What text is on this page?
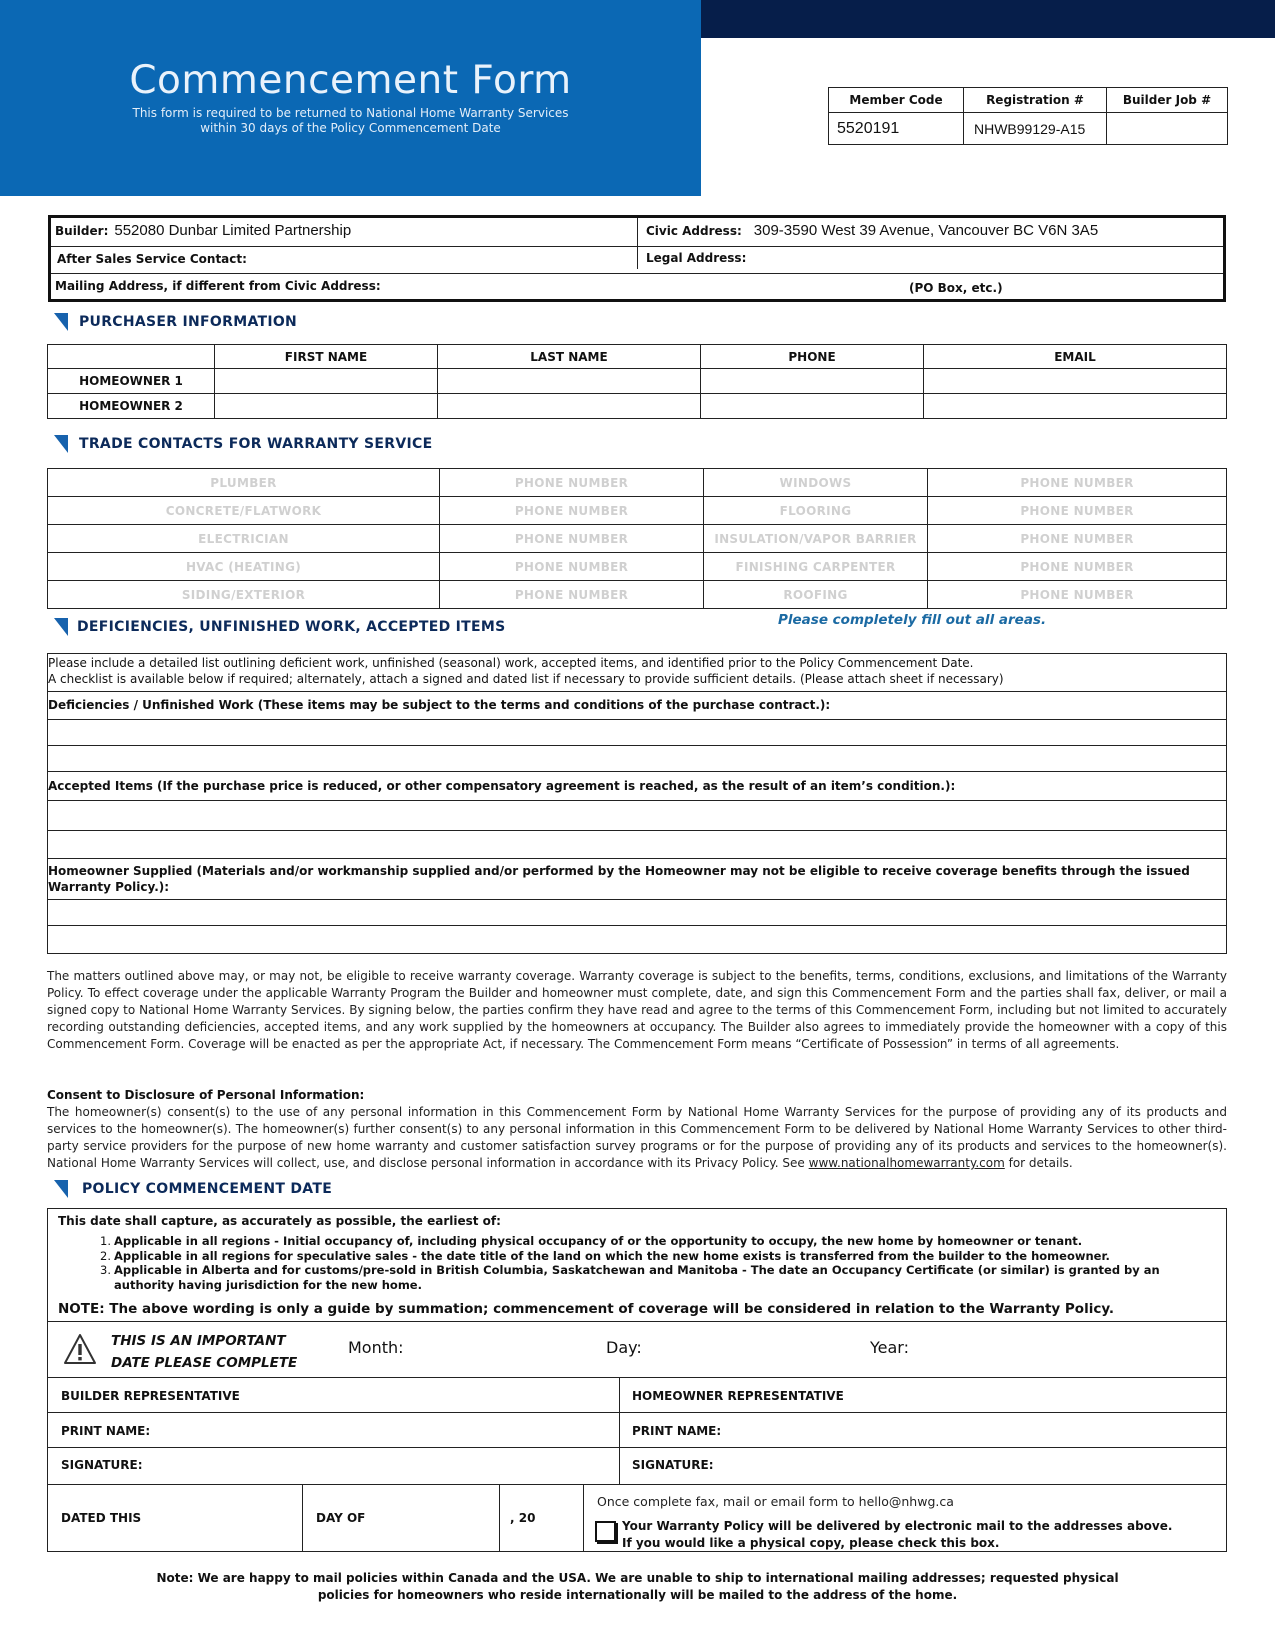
Commencement Form
This form is required to be returned to National Home Warranty Services
within 30 days of the Policy Commencement Date
Member Code	Registration #	Builder Job #
5520191	NHWB99129-A15	
Builder: 552080 Dunbar Limited Partnership	Civic Address: 309-3590 West 39 Avenue, Vancouver BC V6N 3A5
After Sales Service Contact:	Legal Address:
Mailing Address, if different from Civic Address:	(PO Box, etc.)
PURCHASER INFORMATION
	FIRST NAME	LAST NAME	PHONE	EMAIL
HOMEOWNER 1				
HOMEOWNER 2				
TRADE CONTACTS FOR WARRANTY SERVICE
PLUMBER	PHONE NUMBER	WINDOWS	PHONE NUMBER
CONCRETE/FLATWORK	PHONE NUMBER	FLOORING	PHONE NUMBER
ELECTRICIAN	PHONE NUMBER	INSULATION/VAPOR BARRIER	PHONE NUMBER
HVAC (HEATING)	PHONE NUMBER	FINISHING CARPENTER	PHONE NUMBER
SIDING/EXTERIOR	PHONE NUMBER	ROOFING	PHONE NUMBER
DEFICIENCIES, UNFINISHED WORK, ACCEPTED ITEMS	Please completely fill out all areas.
Please include a detailed list outlining deficient work, unfinished (seasonal) work, accepted items, and identified prior to the Policy Commencement Date.
A checklist is available below if required; alternately, attach a signed and dated list if necessary to provide sufficient details. (Please attach sheet if necessary)
Deficiencies / Unfinished Work (These items may be subject to the terms and conditions of the purchase contract.):
Accepted Items (If the purchase price is reduced, or other compensatory agreement is reached, as the result of an item’s condition.):
Homeowner Supplied (Materials and/or workmanship supplied and/or performed by the Homeowner may not be eligible to receive coverage benefits through the issued Warranty Policy.):
The matters outlined above may, or may not, be eligible to receive warranty coverage. Warranty coverage is subject to the benefits, terms, conditions, exclusions, and limitations of the Warranty Policy. To effect coverage under the applicable Warranty Program the Builder and homeowner must complete, date, and sign this Commencement Form and the parties shall fax, deliver, or mail a signed copy to National Home Warranty Services. By signing below, the parties confirm they have read and agree to the terms of this Commencement Form, including but not limited to accurately recording outstanding deficiencies, accepted items, and any work supplied by the homeowners at occupancy. The Builder also agrees to immediately provide the homeowner with a copy of this Commencement Form. Coverage will be enacted as per the appropriate Act, if necessary. The Commencement Form means “Certificate of Possession” in terms of all agreements.
Consent to Disclosure of Personal Information:
The homeowner(s) consent(s) to the use of any personal information in this Commencement Form by National Home Warranty Services for the purpose of providing any of its products and services to the homeowner(s). The homeowner(s) further consent(s) to any personal information in this Commencement Form to be delivered by National Home Warranty Services to other third-party service providers for the purpose of new home warranty and customer satisfaction survey programs or for the purpose of providing any of its products and services to the homeowner(s). National Home Warranty Services will collect, use, and disclose personal information in accordance with its Privacy Policy. See www.nationalhomewarranty.com for details.
POLICY COMMENCEMENT DATE
This date shall capture, as accurately as possible, the earliest of:
1. Applicable in all regions - Initial occupancy of, including physical occupancy of or the opportunity to occupy, the new home by homeowner or tenant.
2. Applicable in all regions for speculative sales - the date title of the land on which the new home exists is transferred from the builder to the homeowner.
3. Applicable in Alberta and for customs/pre-sold in British Columbia, Saskatchewan and Manitoba - The date an Occupancy Certificate (or similar) is granted by an authority having jurisdiction for the new home.
NOTE: The above wording is only a guide by summation; commencement of coverage will be considered in relation to the Warranty Policy.
THIS IS AN IMPORTANT
DATE PLEASE COMPLETE
Month:	Day:	Year:
BUILDER REPRESENTATIVE	HOMEOWNER REPRESENTATIVE
PRINT NAME:	PRINT NAME:
SIGNATURE:	SIGNATURE:
DATED THIS	DAY OF	, 20
Once complete fax, mail or email form to hello@nhwg.ca
Your Warranty Policy will be delivered by electronic mail to the addresses above.
If you would like a physical copy, please check this box.
Note: We are happy to mail policies within Canada and the USA. We are unable to ship to international mailing addresses; requested physical
policies for homeowners who reside internationally will be mailed to the address of the home.
